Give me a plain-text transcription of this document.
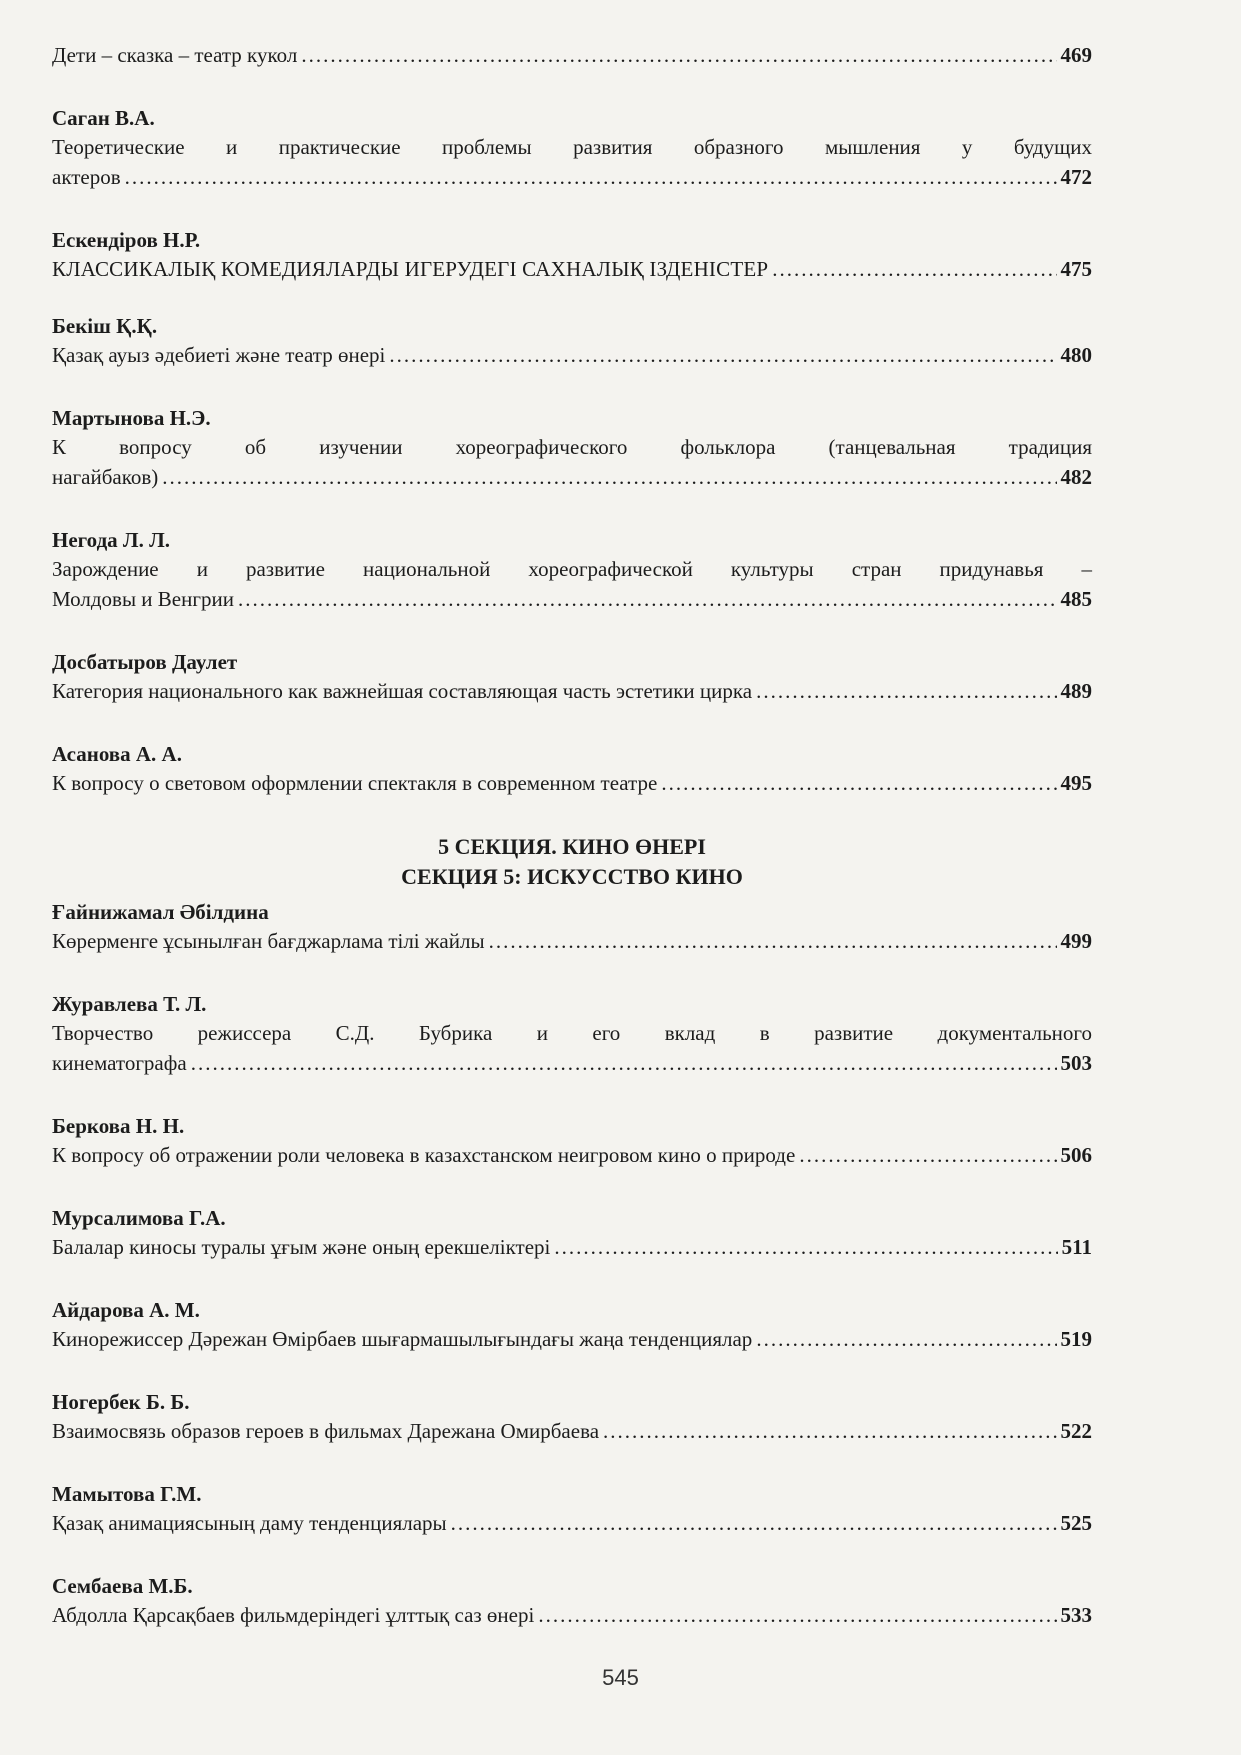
Дети – сказка – театр кукол .....	469
Саган В.А.
Теоретические и практические проблемы развития образного мышления у будущих
актеров .....	472
Ескендіров Н.Р.
КЛАССИКАЛЫҚ КОМЕДИЯЛАРДЫ ИГЕРУДЕГІ САХНАЛЫҚ ІЗДЕНІСТЕР .....	475
Бекіш Қ.Қ.
Қазақ ауыз әдебиеті және театр өнері .....	480
Мартынова Н.Э.
К вопросу об изучении хореографического фольклора (танцевальная традиция
нагайбаков) .....	482
Негода Л. Л.
Зарождение и развитие национальной хореографической культуры стран придунавья –
Молдовы и Венгрии .....	485
Досбатыров Даулет
Категория национального как важнейшая составляющая часть эстетики цирка .....	489
Асанова А. А.
К вопросу о световом оформлении спектакля в современном театре .....	495
5 СЕКЦИЯ. КИНО ӨНЕРІ
СЕКЦИЯ 5: ИСКУССТВО КИНО
Ғайнижамал Әбілдина
Көрерменге ұсынылған бағджарлама тілі жайлы .....	499
Журавлева Т. Л.
Творчество режиссера С.Д. Бубрика и его вклад в развитие документального
кинематографа .....	503
Беркова Н. Н.
К вопросу об отражении роли человека в казахстанском неигровом кино о природе .....	506
Мурсалимова Г.А.
Балалар киносы туралы ұғым және оның ерекшеліктері .....	511
Айдарова А. М.
Кинорежиссер Дәрежан Өмірбаев шығармашылығындағы жаңа тенденциялар .....	519
Ногербек Б. Б.
Взаимосвязь образов героев в фильмах Дарежана Омирбаева .....	522
Мамытова Г.М.
Қазақ анимациясының даму тенденциялары .....	525
Сембаева М.Б.
Абдолла Қарсақбаев фильмдеріндегі ұлттық саз өнері .....	533
545
